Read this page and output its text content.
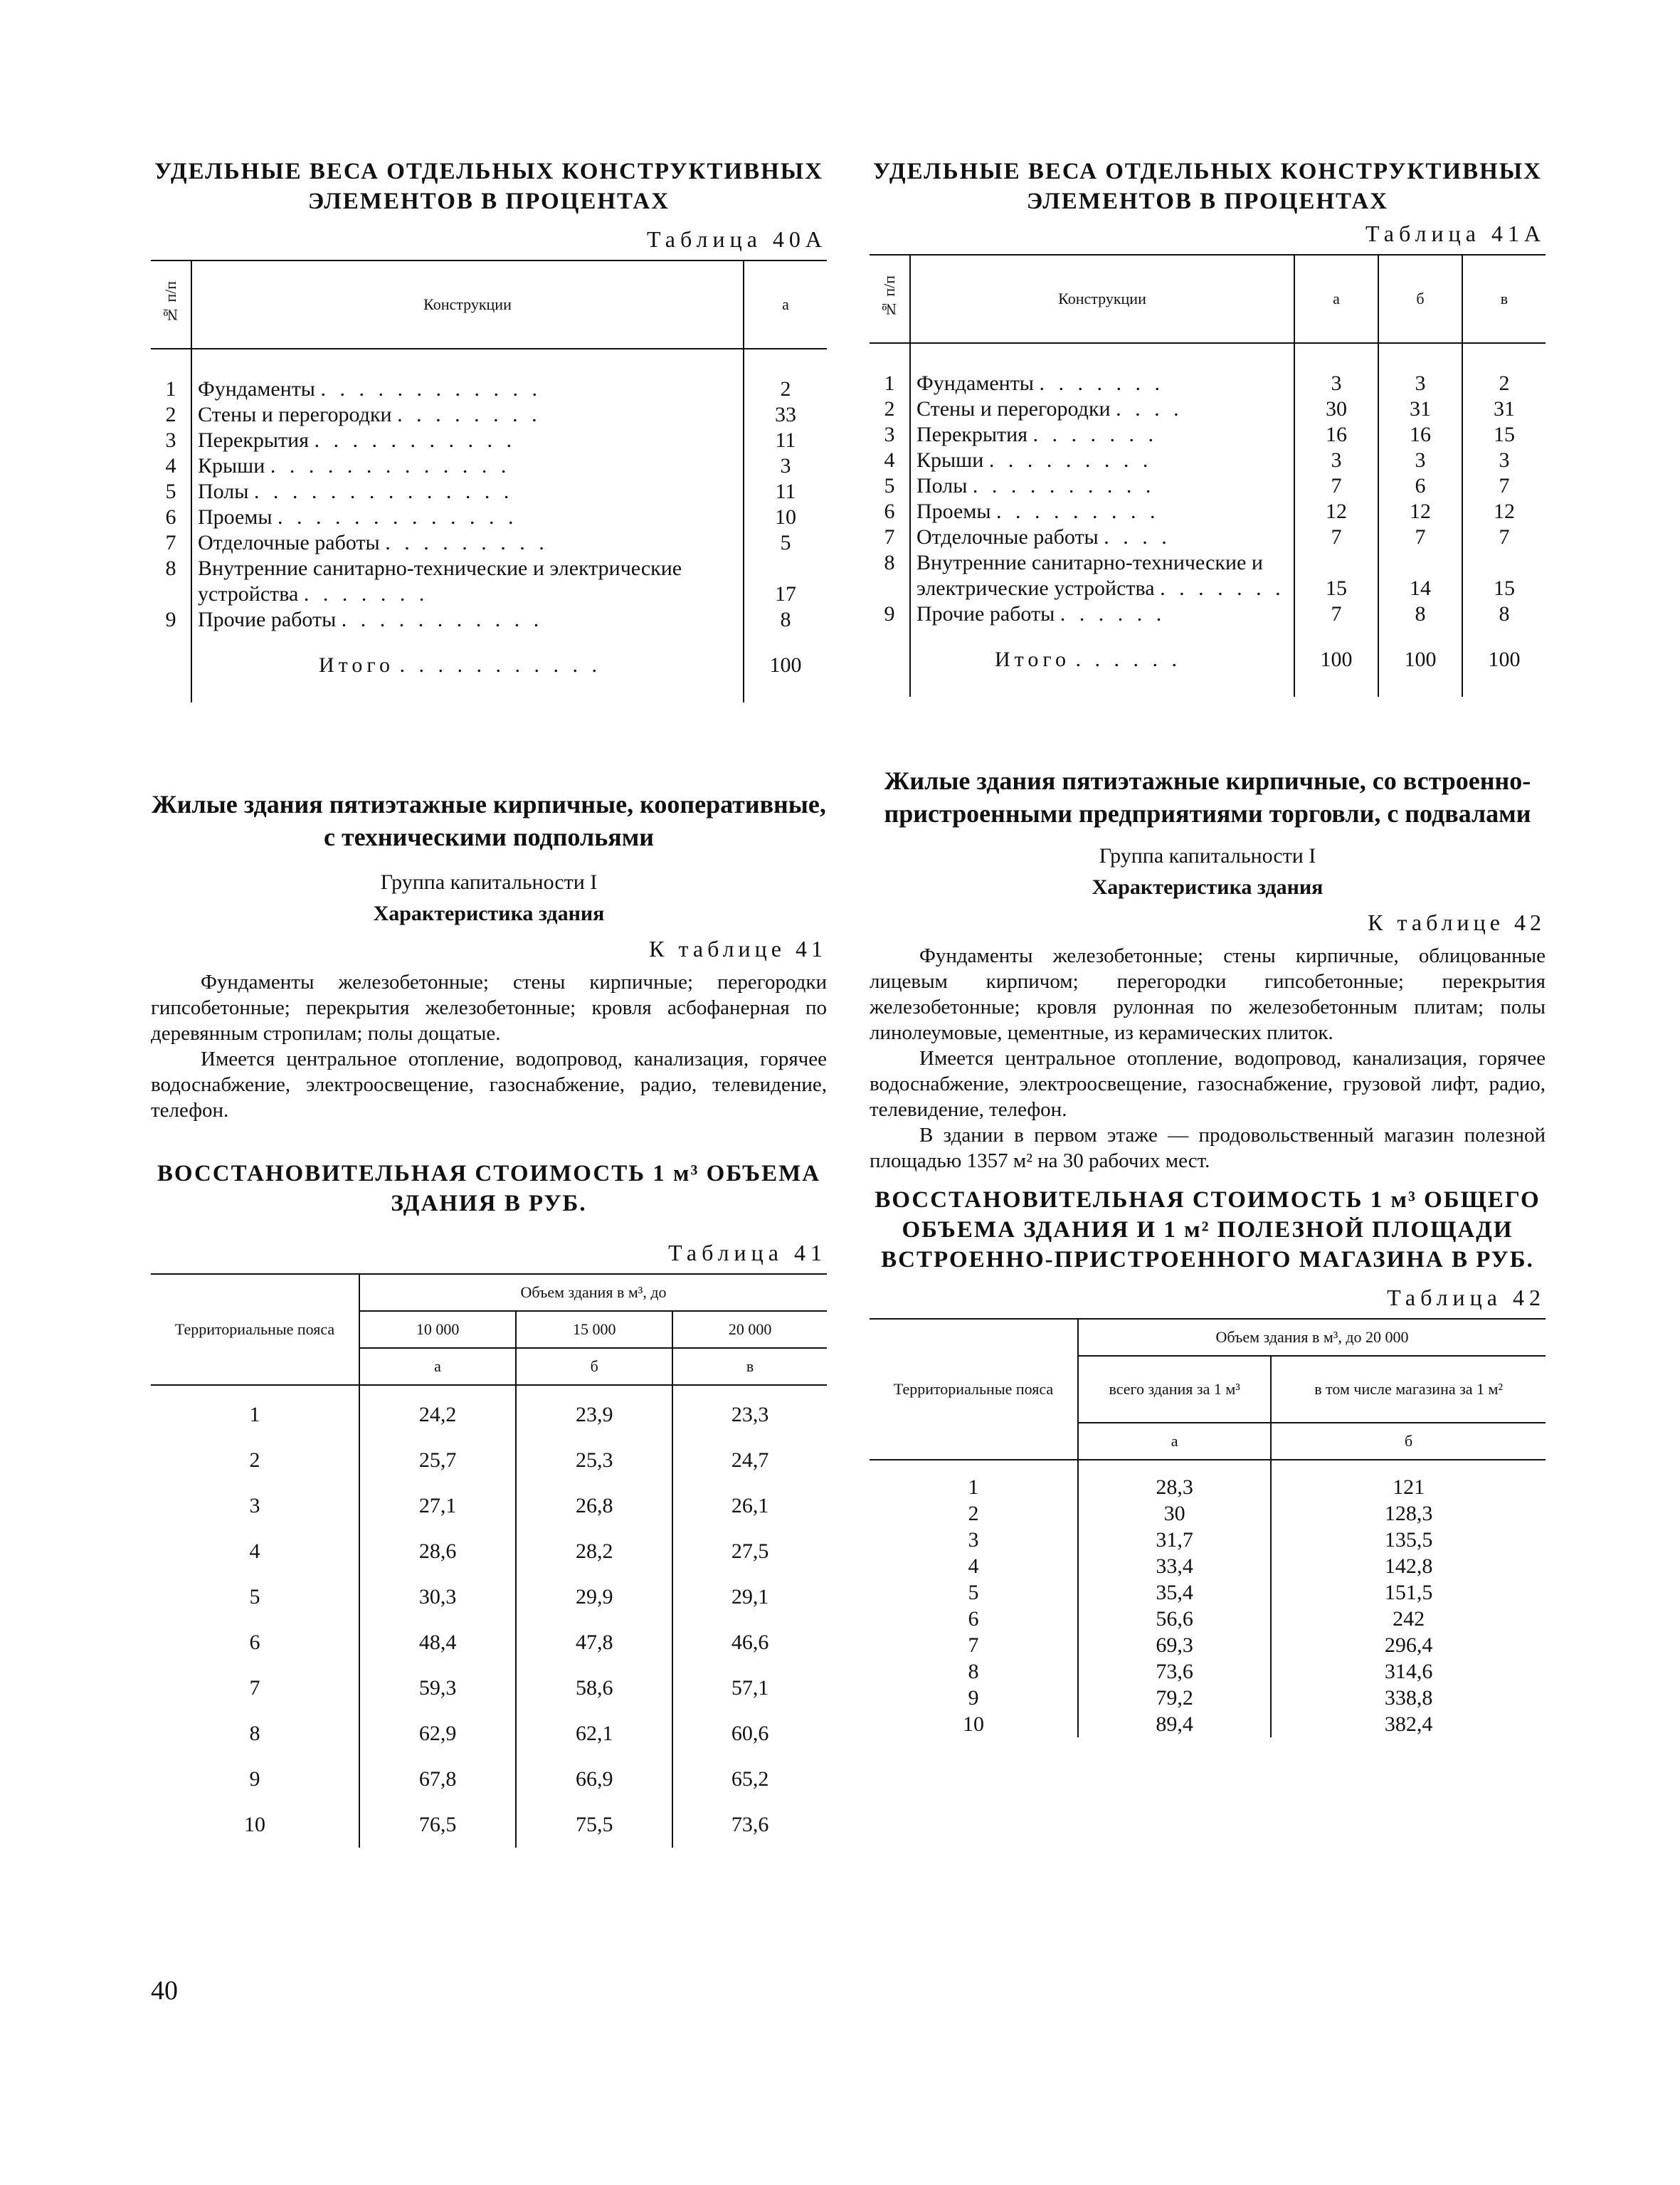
УДЕЛЬНЫЕ ВЕСА ОТДЕЛЬНЫХ КОНСТРУКТИВНЫХ ЭЛЕМЕНТОВ В ПРОЦЕНТАХ
Таблица 40А
№ п/п	Конструкции	а
1	Фундаменты . . . . . . . . . . . .	2
2	Стены и перегородки . . . . . . . .	33
3	Перекрытия . . . . . . . . . . .	11
4	Крыши . . . . . . . . . . . . .	3
5	Полы . . . . . . . . . . . . . .	11
6	Проемы . . . . . . . . . . . . .	10
7	Отделочные работы . . . . . . . . .	5
8	Внутренние санитарно-технические и электрические устройства . . . . . . .	17
9	Прочие работы . . . . . . . . . . .	8
	Итого . . . . . . . . . . .	100
Жилые здания пятиэтажные кирпичные, кооперативные, с техническими подпольями

Группа капитальности I

Характеристика здания

К таблице 41

Фундаменты железобетонные; стены кирпичные; перегородки гипсобетонные; перекрытия железобетонные; кровля асбофанерная по деревянным стропилам; полы дощатые.

Имеется центральное отопление, водопровод, канализация, горячее водоснабжение, электроосвещение, газоснабжение, радио, телевидение, телефон.

ВОССТАНОВИТЕЛЬНАЯ СТОИМОСТЬ 1 м³ ОБЪЕМА ЗДАНИЯ В РУБ.
Таблица 41
Территориальные пояса	Объем здания в м³, до		
	10 000	15 000	20 000
	а	б	в
1	24,2	23,9	23,3
2	25,7	25,3	24,7
3	27,1	26,8	26,1
4	28,6	28,2	27,5
5	30,3	29,9	29,1
6	48,4	47,8	46,6
7	59,3	58,6	57,1
8	62,9	62,1	60,6
9	67,8	66,9	65,2
10	76,5	75,5	73,6
УДЕЛЬНЫЕ ВЕСА ОТДЕЛЬНЫХ КОНСТРУКТИВНЫХ ЭЛЕМЕНТОВ В ПРОЦЕНТАХ
Таблица 41А
№ п/п	Конструкции	а	б	в
1	Фундаменты . . . . . . .	3	3	2
2	Стены и перегородки . . . .	30	31	31
3	Перекрытия . . . . . . .	16	16	15
4	Крыши . . . . . . . . .	3	3	3
5	Полы . . . . . . . . . .	7	6	7
6	Проемы . . . . . . . . .	12	12	12
7	Отделочные работы . . . .	7	7	7
8	Внутренние санитарно-технические и электрические устройства . . . . . . .	15	14	15
9	Прочие работы . . . . . .	7	8	8
	Итого . . . . . .	100	100	100
Жилые здания пятиэтажные кирпичные, со встроенно-пристроенными предприятиями торговли, с подвалами

Группа капитальности I

Характеристика здания

К таблице 42

Фундаменты железобетонные; стены кирпичные, облицованные лицевым кирпичом; перегородки гипсобетонные; перекрытия железобетонные; кровля рулонная по железобетонным плитам; полы линолеумовые, цементные, из керамических плиток.

Имеется центральное отопление, водопровод, канализация, горячее водоснабжение, электроосвещение, газоснабжение, грузовой лифт, радио, телевидение, телефон.

В здании в первом этаже — продовольственный магазин полезной площадью 1357 м² на 30 рабочих мест.

ВОССТАНОВИТЕЛЬНАЯ СТОИМОСТЬ 1 м³ ОБЩЕГО ОБЪЕМА ЗДАНИЯ И 1 м² ПОЛЕЗНОЙ ПЛОЩАДИ ВСТРОЕННО-ПРИСТРОЕННОГО МАГАЗИНА В РУБ.
Таблица 42
Территориальные пояса	Объем здания в м³, до 20 000	
	всего здания за 1 м³	в том числе магазина за 1 м²
	а	б
1	28,3	121
2	30	128,3
3	31,7	135,5
4	33,4	142,8
5	35,4	151,5
6	56,6	242
7	69,3	296,4
8	73,6	314,6
9	79,2	338,8
10	89,4	382,4
40
